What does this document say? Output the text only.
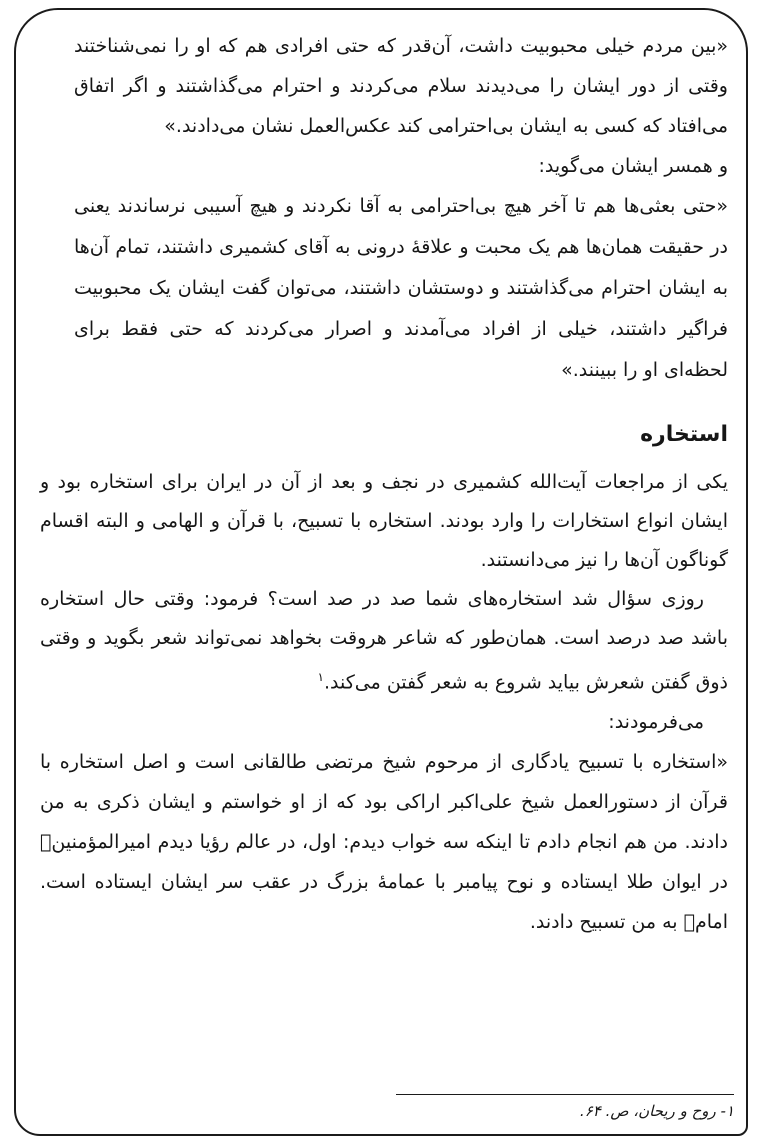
«بین مردم خیلی محبوبیت داشت، آن‌قدر که حتی افرادی هم که او را نمی‌شناختند وقتی از دور ایشان را می‌دیدند سلام می‌کردند و احترام می‌گذاشتند و اگر اتفاق می‌افتاد که کسی به ایشان بی‌احترامی کند عکس‌العمل نشان می‌دادند.»

و همسر ایشان می‌گوید:

«حتی بعثی‌ها هم تا آخر هیچ بی‌احترامی به آقا نکردند و هیچ آسیبی نرساندند یعنی در حقیقت همان‌ها هم یک محبت و علاقهٔ درونی به آقای کشمیری داشتند، تمام آن‌ها به ایشان احترام می‌گذاشتند و دوستشان داشتند، می‌توان گفت ایشان یک محبوبیت فراگیر داشتند، خیلی از افراد می‌آمدند و اصرار می‌کردند که حتی فقط برای لحظه‌ای او را ببینند.»

استخاره

یکی از مراجعات آیت‌الله کشمیری در نجف و بعد از آن در ایران برای استخاره بود و ایشان انواع استخارات را وارد بودند. استخاره با تسبیح، با قرآن و الهامی و البته اقسام گوناگون آن‌ها را نیز می‌دانستند.

روزی سؤال شد استخاره‌های شما صد در صد است؟ فرمود: وقتی حال استخاره باشد صد درصد است. همان‌طور که شاعر هروقت بخواهد نمی‌تواند شعر بگوید و وقتی ذوق گفتن شعرش بیاید شروع به شعر گفتن می‌کند.$^۱$

می‌فرمودند:

«استخاره با تسبیح یادگاری از مرحوم شیخ مرتضی طالقانی است و اصل استخاره با قرآن از دستورالعمل شیخ علی‌اکبر اراکی بود که از او خواستم و ایشان ذکری به من دادند. من هم انجام دادم تا اینکه سه خواب دیدم: اول، در عالم رؤیا دیدم امیرالمؤمنین﷣ در ایوان طلا ایستاده و نوح پیامبر با عمامهٔ بزرگ در عقب سر ایشان ایستاده است. امام﷣ به من تسبیح دادند.

۱- روح و ریحان، ص. ۶۴.
